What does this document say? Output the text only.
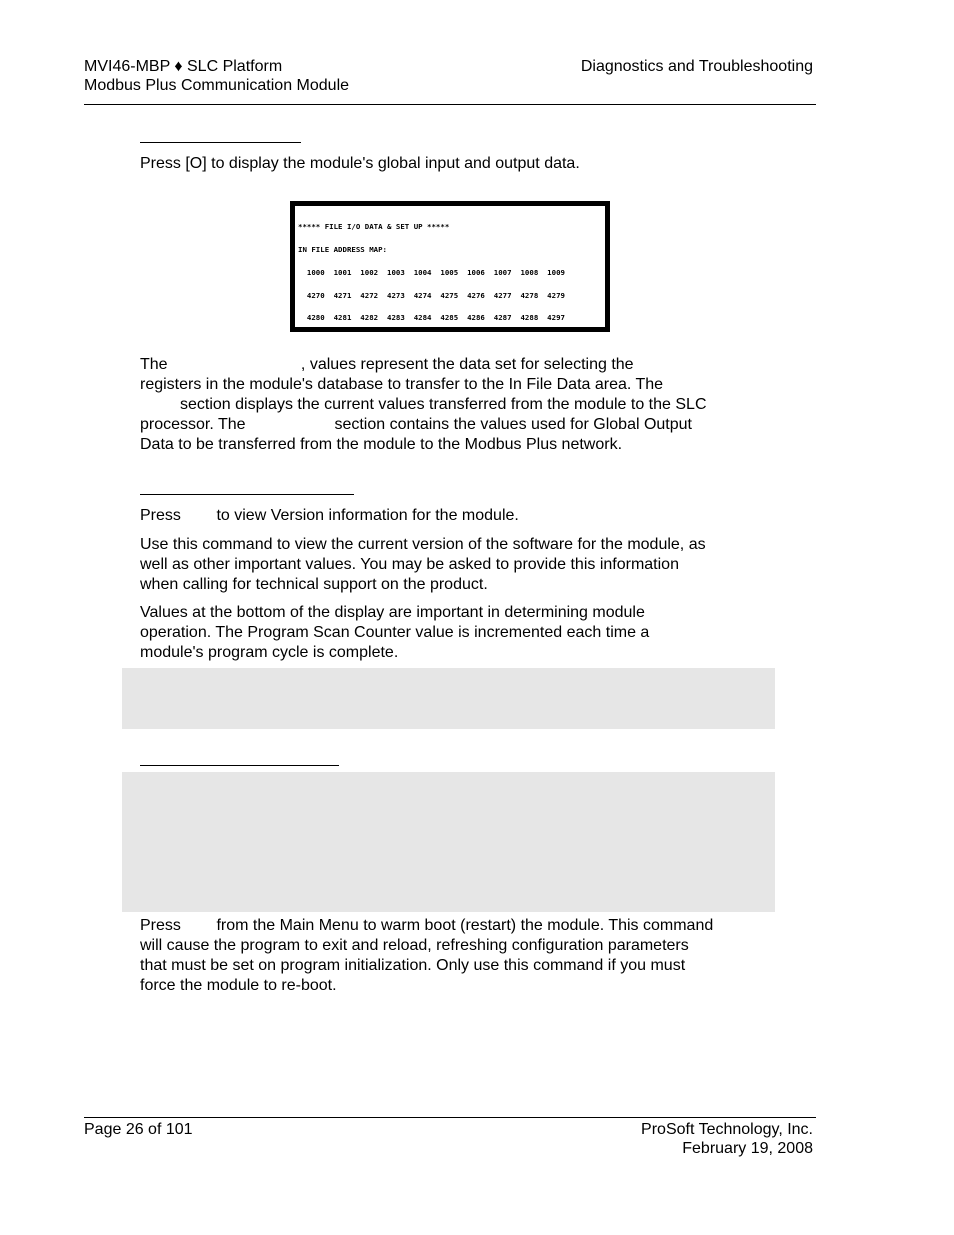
MVI46-MBP ♦ SLC Platform
Modbus Plus Communication Module
Diagnostics and Troubleshooting

Press [O] to display the module's global input and output data.

***** FILE I/O DATA & SET UP *****

IN FILE ADDRESS MAP:

1000  1001  1002  1003  1004  1005  1006  1007  1008  1009

4270  4271  4272  4273  4274  4275  4276  4277  4278  4279

4280  4281  4282  4283  4284  4285  4286  4287  4288  4297

The                              , values represent the data set for selecting the
registers in the module's database to transfer to the In File Data area. The
section displays the current values transferred from the module to the SLC
processor. The                    section contains the values used for Global Output
Data to be transferred from the module to the Modbus Plus network.

Press        to view Version information for the module.

Use this command to view the current version of the software for the module, as
well as other important values. You may be asked to provide this information
when calling for technical support on the product.

Values at the bottom of the display are important in determining module
operation. The Program Scan Counter value is incremented each time a
module's program cycle is complete.

Press        from the Main Menu to warm boot (restart) the module. This command
will cause the program to exit and reload, refreshing configuration parameters
that must be set on program initialization. Only use this command if you must
force the module to re-boot.

Page 26 of 101	ProSoft Technology, Inc.
February 19, 2008
